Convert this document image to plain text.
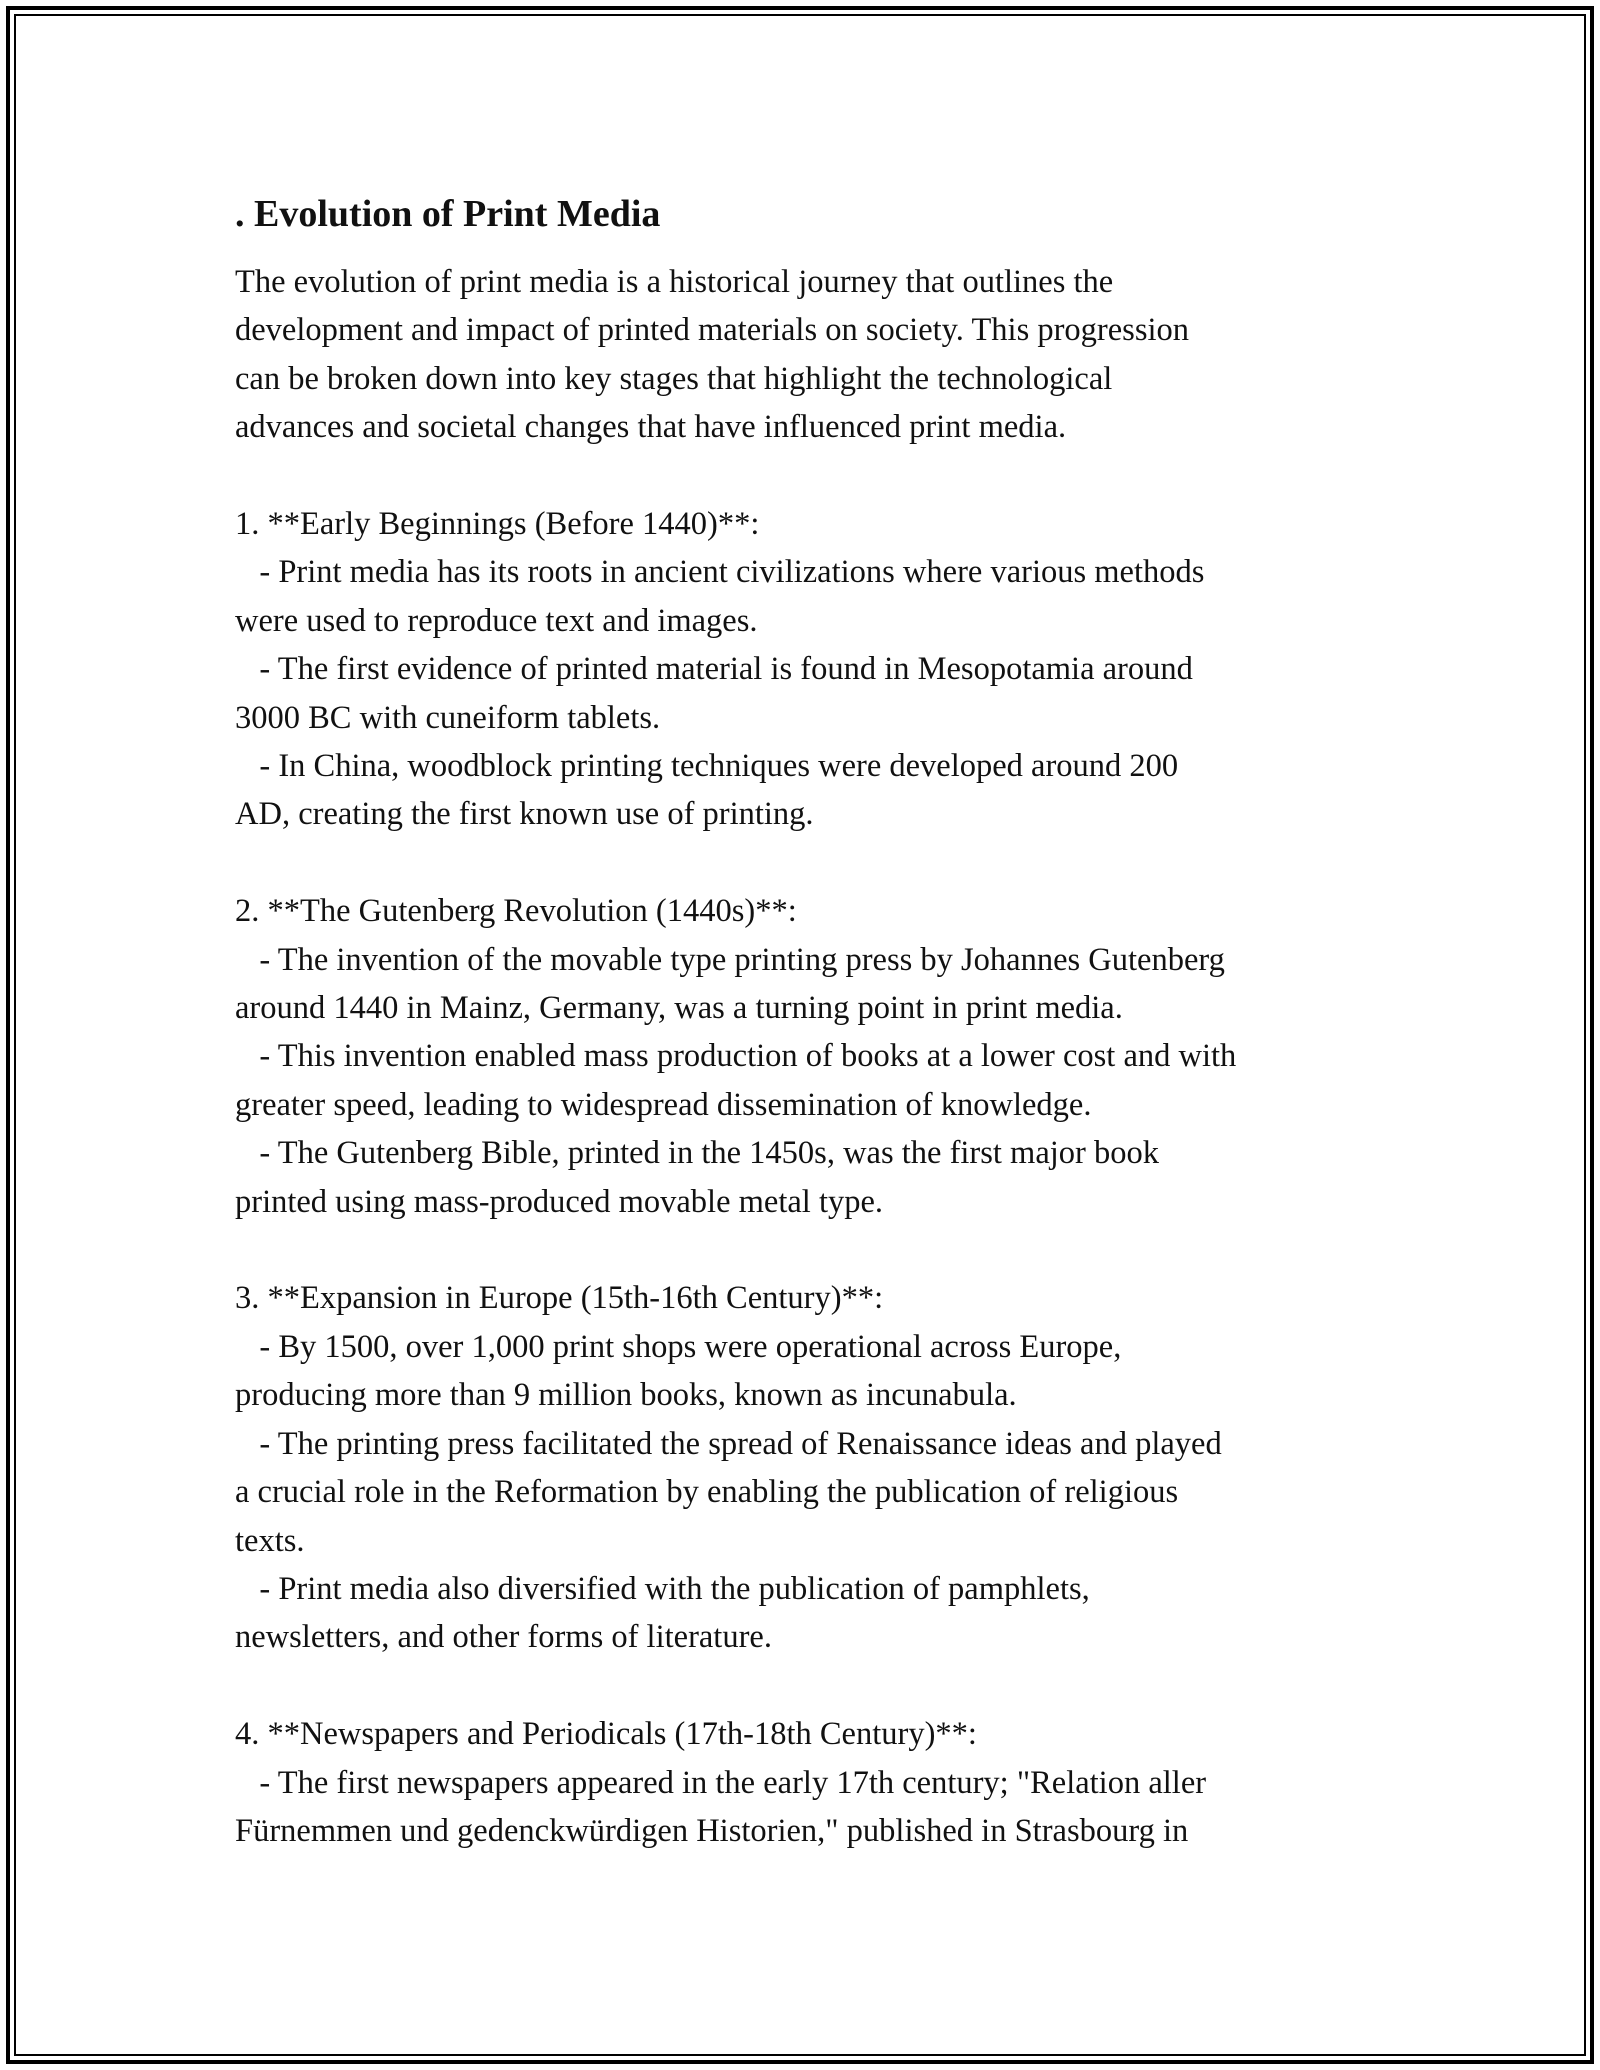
. Evolution of Print Media
The evolution of print media is a historical journey that outlines the
development and impact of printed materials on society. This progression
can be broken down into key stages that highlight the technological
advances and societal changes that have influenced print media.
1. **Early Beginnings (Before 1440)**:
- Print media has its roots in ancient civilizations where various methods
were used to reproduce text and images.
- The first evidence of printed material is found in Mesopotamia around
3000 BC with cuneiform tablets.
- In China, woodblock printing techniques were developed around 200
AD, creating the first known use of printing.
2. **The Gutenberg Revolution (1440s)**:
- The invention of the movable type printing press by Johannes Gutenberg
around 1440 in Mainz, Germany, was a turning point in print media.
- This invention enabled mass production of books at a lower cost and with
greater speed, leading to widespread dissemination of knowledge.
- The Gutenberg Bible, printed in the 1450s, was the first major book
printed using mass-produced movable metal type.
3. **Expansion in Europe (15th-16th Century)**:
- By 1500, over 1,000 print shops were operational across Europe,
producing more than 9 million books, known as incunabula.
- The printing press facilitated the spread of Renaissance ideas and played
a crucial role in the Reformation by enabling the publication of religious
texts.
- Print media also diversified with the publication of pamphlets,
newsletters, and other forms of literature.
4. **Newspapers and Periodicals (17th-18th Century)**:
- The first newspapers appeared in the early 17th century; "Relation aller
Fürnemmen und gedenckwürdigen Historien," published in Strasbourg in
